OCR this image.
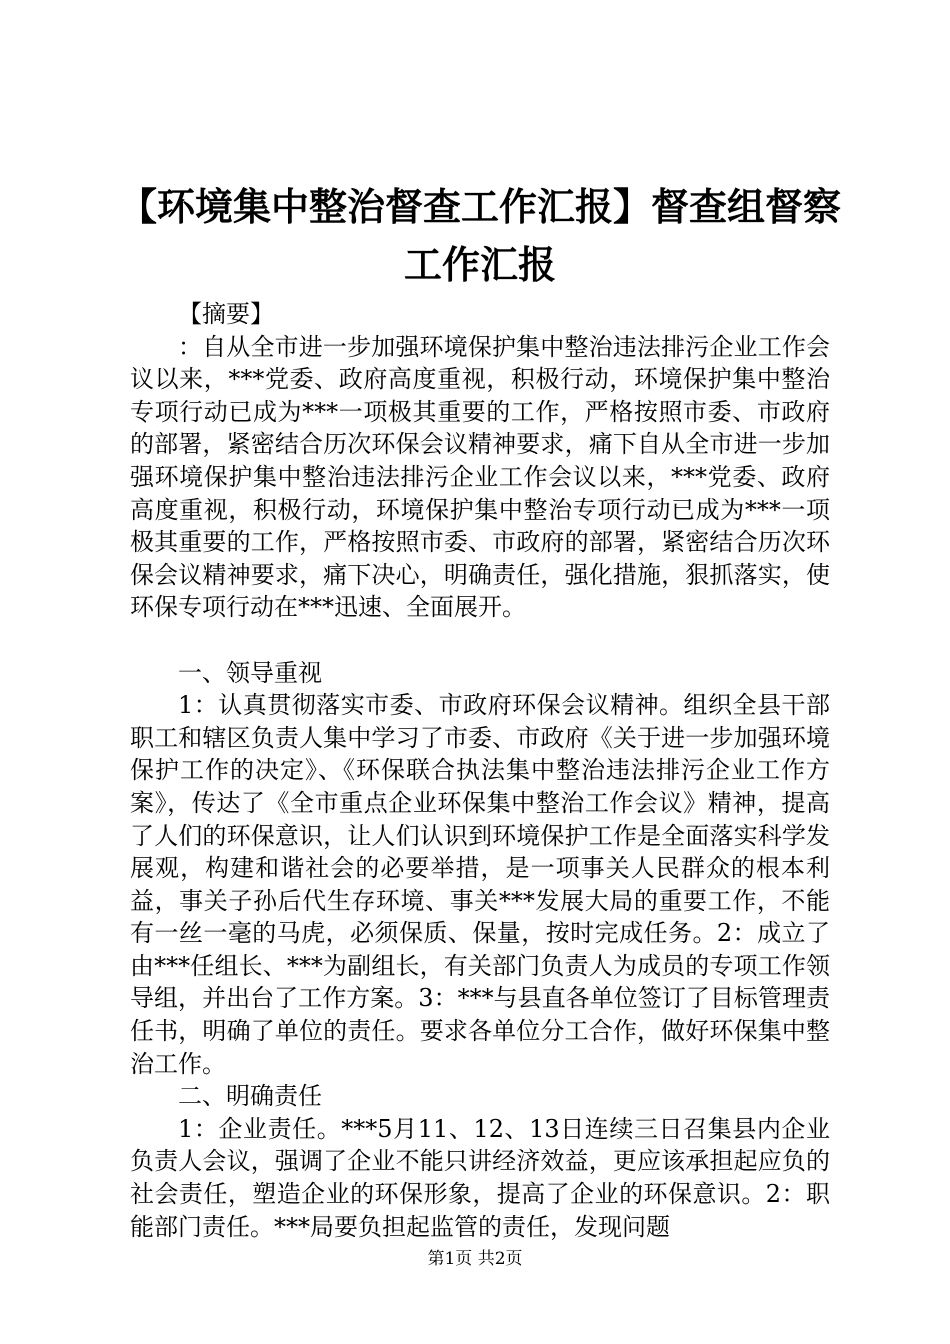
【环境集中整治督查工作汇报】督查组督察工作汇报

【摘要】

：自从全市进一步加强环境保护集中整治违法排污企业工作会议以来，***党委、政府高度重视，积极行动，环境保护集中整治专项行动已成为***一项极其重要的工作，严格按照市委、市政府的部署，紧密结合历次环保会议精神要求，痛下自从全市进一步加强环境保护集中整治违法排污企业工作会议以来，***党委、政府高度重视，积极行动，环境保护集中整治专项行动已成为***一项极其重要的工作，严格按照市委、市政府的部署，紧密结合历次环保会议精神要求，痛下决心，明确责任，强化措施，狠抓落实，使环保专项行动在***迅速、全面展开。

一、领导重视

1：认真贯彻落实市委、市政府环保会议精神。组织全县干部职工和辖区负责人集中学习了市委、市政府《关于进一步加强环境保护工作的决定》、《环保联合执法集中整治违法排污企业工作方案》，传达了《全市重点企业环保集中整治工作会议》精神，提高了人们的环保意识，让人们认识到环境保护工作是全面落实科学发展观，构建和谐社会的必要举措，是一项事关人民群众的根本利益，事关子孙后代生存环境、事关***发展大局的重要工作，不能有一丝一毫的马虎，必须保质、保量，按时完成任务。2：成立了由***任组长、***为副组长，有关部门负责人为成员的专项工作领导组，并出台了工作方案。3：***与县直各单位签订了目标管理责任书，明确了单位的责任。要求各单位分工合作，做好环保集中整治工作。

二、明确责任

1：企业责任。***5月11、12、13日连续三日召集县内企业负责人会议，强调了企业不能只讲经济效益，更应该承担起应负的社会责任，塑造企业的环保形象，提高了企业的环保意识。2：职能部门责任。***局要负担起监管的责任，发现问题

第1页 共2页
